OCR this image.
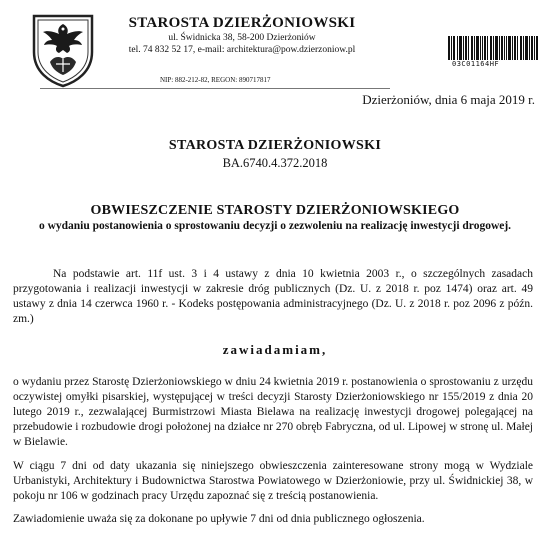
STAROSTA DZIERŻONIOWSKI

ul. Świdnicka 38, 58-200 Dzierżoniów

tel. 74 832 52 17, e-mail: architektura@pow.dzierzoniow.pl

NIP: 882-212-82, REGON: 890717817
03C01164HF
Dzierżoniów, dnia 6 maja 2019 r.
STAROSTA DZIERŻONIOWSKI
BA.6740.4.372.2018
OBWIESZCZENIE STAROSTY DZIERŻONIOWSKIEGO
o wydaniu postanowienia o sprostowaniu decyzji o zezwoleniu na realizację inwestycji drogowej.

Na podstawie art. 11f ust. 3 i 4 ustawy z dnia 10 kwietnia 2003 r., o szczególnych zasadach przygotowania i realizacji inwestycji w zakresie dróg publicznych (Dz. U. z 2018 r. poz 1474) oraz art. 49 ustawy z dnia 14 czerwca 1960 r. - Kodeks postępowania administracyjnego (Dz. U. z 2018 r. poz 2096 z późn. zm.)

zawiadamiam,

o wydaniu przez Starostę Dzierżoniowskiego w dniu 24 kwietnia 2019 r. postanowienia o sprostowaniu z urzędu oczywistej omyłki pisarskiej, występującej w treści decyzji Starosty Dzierżoniowskiego nr 155/2019 z dnia 20 lutego 2019 r., zezwalającej Burmistrzowi Miasta Bielawa na realizację inwestycji drogowej polegającej na przebudowie i rozbudowie drogi położonej na działce nr 270 obręb Fabryczna, od ul. Lipowej w stronę ul. Małej w Bielawie.

W ciągu 7 dni od daty ukazania się niniejszego obwieszczenia zainteresowane strony mogą w Wydziale Urbanistyki, Architektury i Budownictwa Starostwa Powiatowego w Dzierżoniowie, przy ul. Świdnickiej 38, w pokoju nr 106 w godzinach pracy Urzędu zapoznać się z treścią postanowienia.

Zawiadomienie uważa się za dokonane po upływie 7 dni od dnia publicznego ogłoszenia.
